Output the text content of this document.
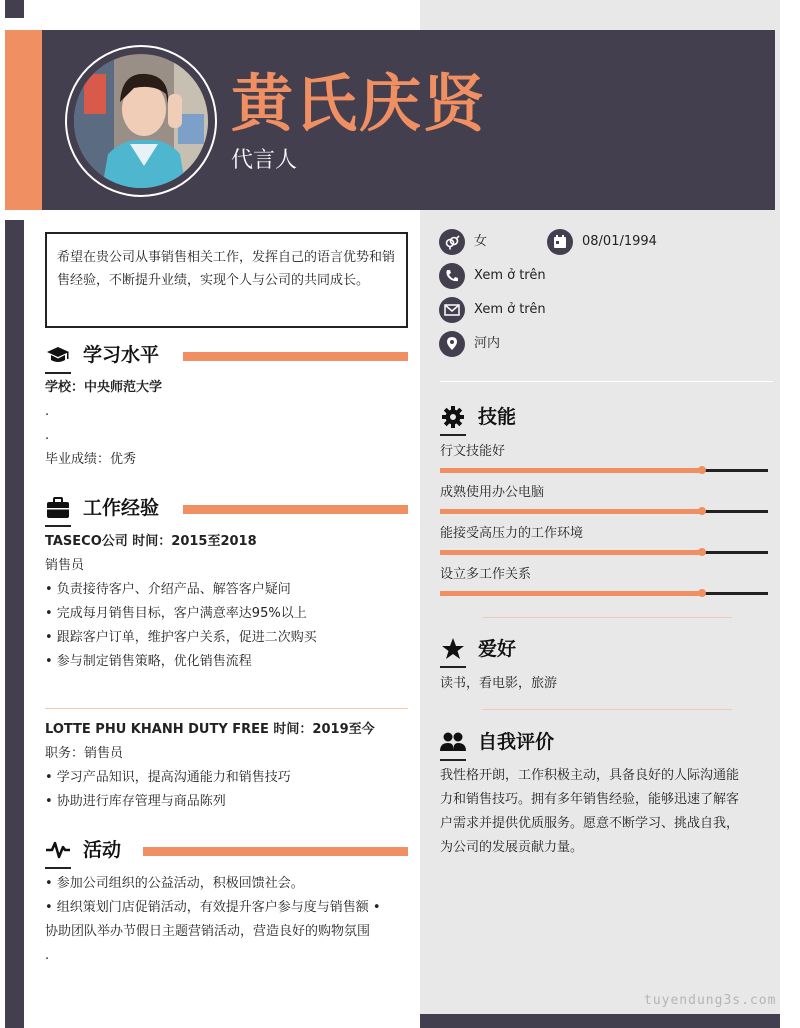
黄氏庆贤
代言人
希望在贵公司从事销售相关工作，发挥自己的语言优势和销售经验，不断提升业绩，实现个人与公司的共同成长。
学习水平
学校：中央师范大学
.
.
毕业成绩：优秀
工作经验
TASECO公司 时间：2015至2018
销售员
• 负责接待客户、介绍产品、解答客户疑问
• 完成每月销售目标，客户满意率达95%以上
• 跟踪客户订单，维护客户关系，促进二次购买
• 参与制定销售策略，优化销售流程
LOTTE PHU KHANH DUTY FREE 时间：2019至今
职务：销售员
• 学习产品知识，提高沟通能力和销售技巧
• 协助进行库存管理与商品陈列
活动
• 参加公司组织的公益活动，积极回馈社会。
• 组织策划门店促销活动，有效提升客户参与度与销售额 •
协助团队举办节假日主题营销活动，营造良好的购物氛围
.
女	08/01/1994
Xem ở trên
Xem ở trên
河内
技能
行文技能好
成熟使用办公电脑
能接受高压力的工作环境
设立多工作关系
爱好
读书，看电影，旅游
自我评价
我性格开朗，工作积极主动，具备良好的人际沟通能
力和销售技巧。拥有多年销售经验，能够迅速了解客
户需求并提供优质服务。愿意不断学习、挑战自我，
为公司的发展贡献力量。
tuyendung3s.com
